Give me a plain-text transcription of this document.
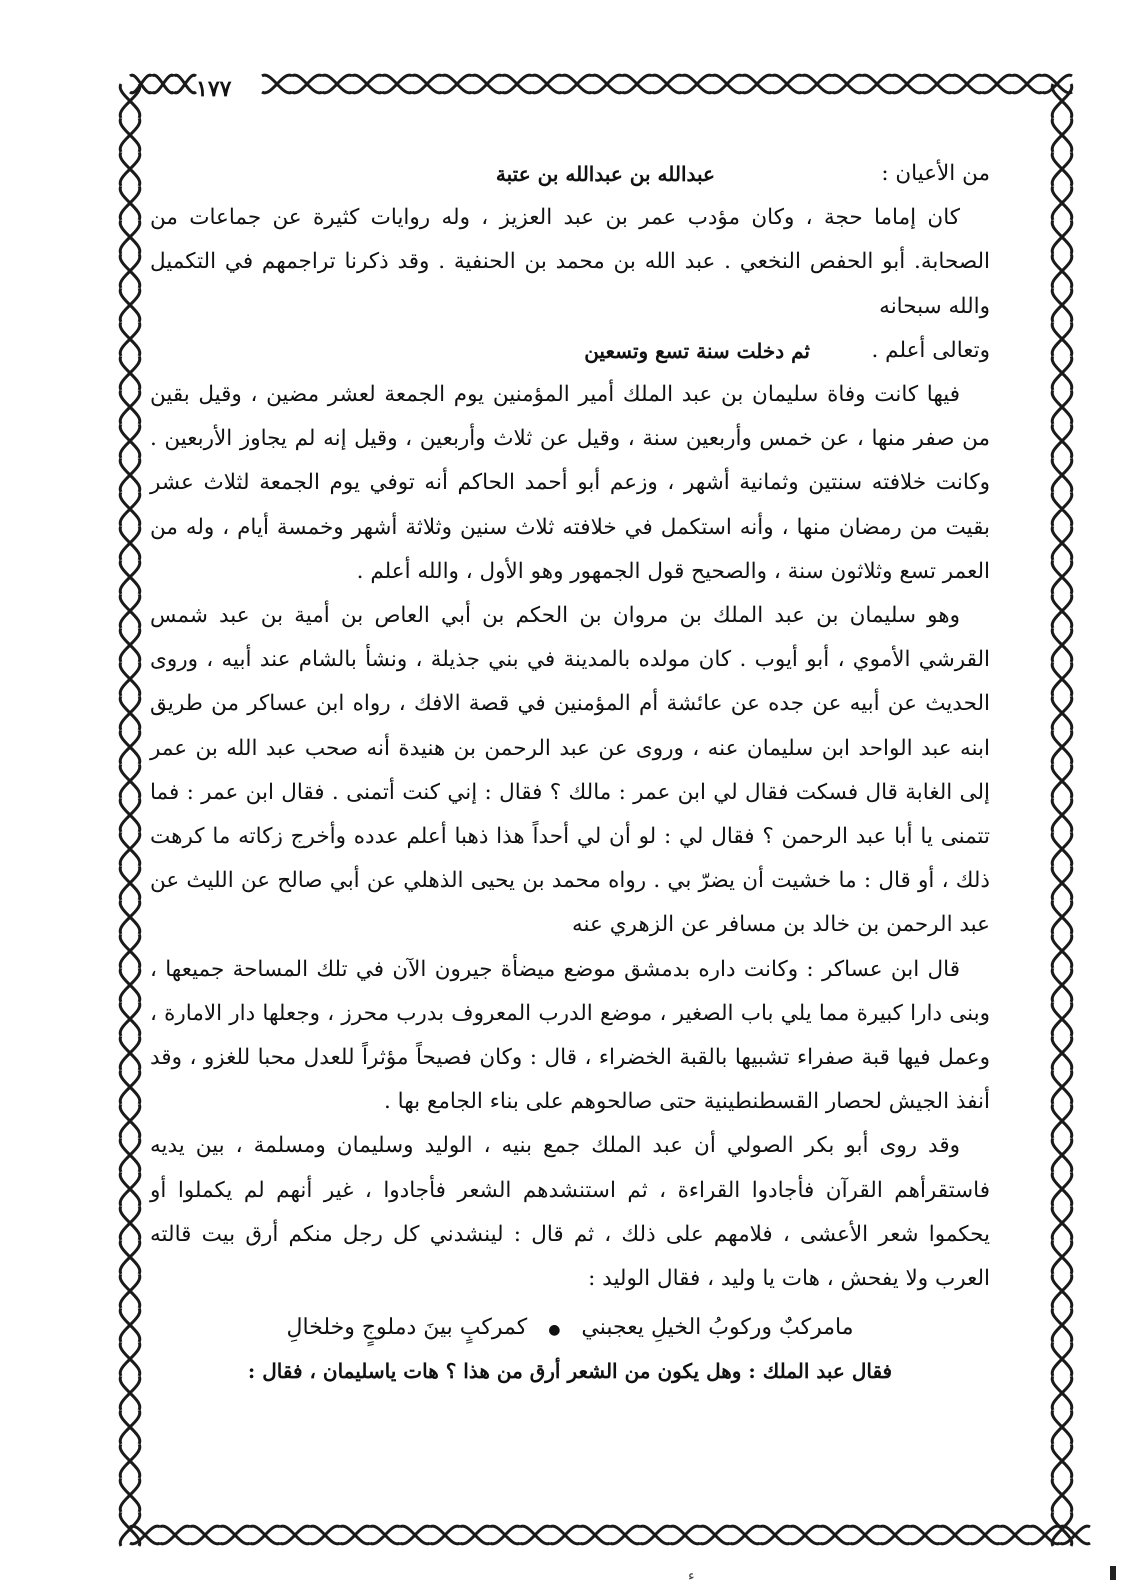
١٧٧
من الأعيان :
عبدالله بن عبدالله بن عتبة

كان إماما حجة ، وكان مؤدب عمر بن عبد العزيز ، وله روايات كثيرة عن جماعات من الصحابة. أبو الحفص النخعي . عبد الله بن محمد بن الحنفية . وقد ذكرنا تراجمهم في التكميل والله سبحانه

وتعالى أعلم .
ثم دخلت سنة تسع وتسعين

فيها كانت وفاة سليمان بن عبد الملك أمير المؤمنين يوم الجمعة لعشر مضين ، وقيل بقين من صفر منها ، عن خمس وأربعين سنة ، وقيل عن ثلاث وأربعين ، وقيل إنه لم يجاوز الأربعين . وكانت خلافته سنتين وثمانية أشهر ، وزعم أبو أحمد الحاكم أنه توفي يوم الجمعة لثلاث عشر بقيت من رمضان منها ، وأنه استكمل في خلافته ثلاث سنين وثلاثة أشهر وخمسة أيام ، وله من العمر تسع وثلاثون سنة ، والصحيح قول الجمهور وهو الأول ، والله أعلم .

وهو سليمان بن عبد الملك بن مروان بن الحكم بن أبي العاص بن أمية بن عبد شمس القرشي الأموي ، أبو أيوب . كان مولده بالمدينة في بني جذيلة ، ونشأ بالشام عند أبيه ، وروى الحديث عن أبيه عن جده عن عائشة أم المؤمنين في قصة الافك ، رواه ابن عساكر من طريق ابنه عبد الواحد ابن سليمان عنه ، وروى عن عبد الرحمن بن هنيدة أنه صحب عبد الله بن عمر إلى الغابة قال فسكت فقال لي ابن عمر : مالك ؟ فقال : إني كنت أتمنى . فقال ابن عمر : فما تتمنى يا أبا عبد الرحمن ؟ فقال لي : لو أن لي أحداً هذا ذهبا أعلم عدده وأخرج زكاته ما كرهت ذلك ، أو قال : ما خشيت أن يضرّ بي . رواه محمد بن يحيى الذهلي عن أبي صالح عن الليث عن عبد الرحمن بن خالد بن مسافر عن الزهري عنه

قال ابن عساكر : وكانت داره بدمشق موضع ميضأة جيرون الآن في تلك المساحة جميعها ، وبنى دارا كبيرة مما يلي باب الصغير ، موضع الدرب المعروف بدرب محرز ، وجعلها دار الامارة ، وعمل فيها قبة صفراء تشبيها بالقبة الخضراء ، قال : وكان فصيحاً مؤثراً للعدل محبا للغزو ، وقد أنفذ الجيش لحصار القسطنطينية حتى صالحوهم على بناء الجامع بها .

وقد روى أبو بكر الصولي أن عبد الملك جمع بنيه ، الوليد وسليمان ومسلمة ، بين يديه فاستقرأهم القرآن فأجادوا القراءة ، ثم استنشدهم الشعر فأجادوا ، غير أنهم لم يكملوا أو يحكموا شعر الأعشى ، فلامهم على ذلك ، ثم قال : لينشدني كل رجل منكم أرق بيت قالته العرب ولا يفحش ، هات يا وليد ، فقال الوليد :

مامركبٌ وركوبُ الخيلِ يعجبني ● كمركبٍ بينَ دملوجٍ وخلخالِ
فقال عبد الملك : وهل يكون من الشعر أرق من هذا ؟ هات ياسليمان ، فقال :
ء
